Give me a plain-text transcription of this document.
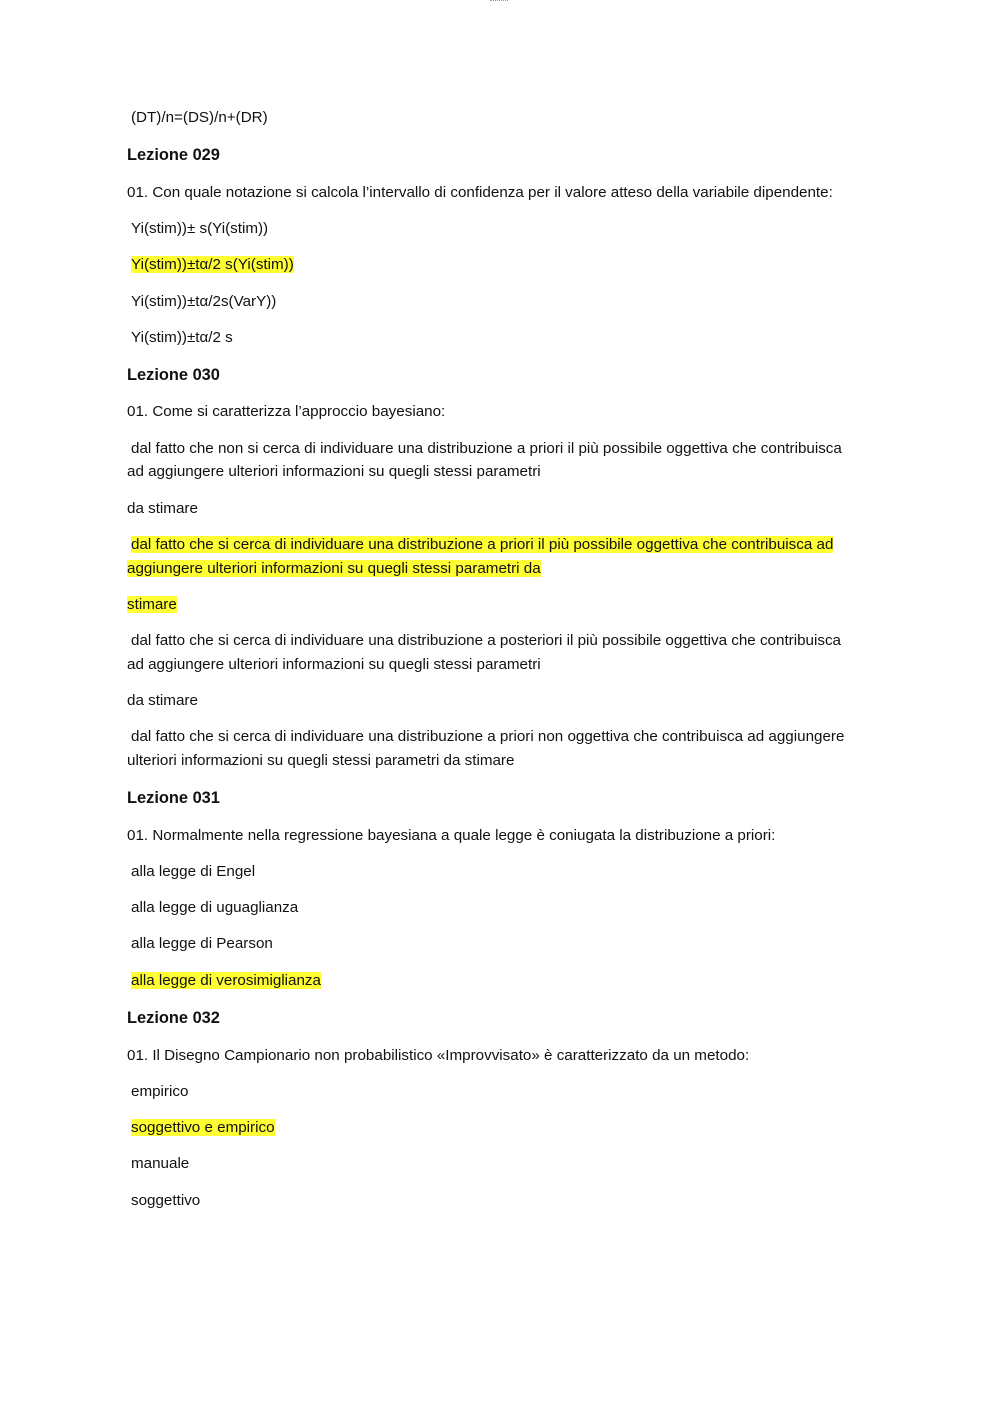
(DT)/n=(DS)/n+(DR)
Lezione 029
01. Con quale notazione si calcola l’intervallo di confidenza per il valore atteso della variabile dipendente:
Yi(stim))± s(Yi(stim))
Yi(stim))±tα/2 s(Yi(stim))
Yi(stim))±tα/2s(VarY))
Yi(stim))±tα/2 s
Lezione 030
01. Come si caratterizza l’approccio bayesiano:
dal fatto che non si cerca di individuare una distribuzione a priori il più possibile oggettiva che contribuisca
ad aggiungere ulteriori informazioni su quegli stessi parametri
da stimare
dal fatto che si cerca di individuare una distribuzione a priori il più possibile oggettiva che contribuisca ad
aggiungere ulteriori informazioni su quegli stessi parametri da
stimare
dal fatto che si cerca di individuare una distribuzione a posteriori il più possibile oggettiva che contribuisca
ad aggiungere ulteriori informazioni su quegli stessi parametri
da stimare
dal fatto che si cerca di individuare una distribuzione a priori non oggettiva che contribuisca ad aggiungere
ulteriori informazioni su quegli stessi parametri da stimare
Lezione 031
01. Normalmente nella regressione bayesiana a quale legge è coniugata la distribuzione a priori:
alla legge di Engel
alla legge di uguaglianza
alla legge di Pearson
alla legge di verosimiglianza
Lezione 032
01. Il Disegno Campionario non probabilistico «Improvvisato» è caratterizzato da un metodo:
empirico
soggettivo e empirico
manuale
soggettivo
